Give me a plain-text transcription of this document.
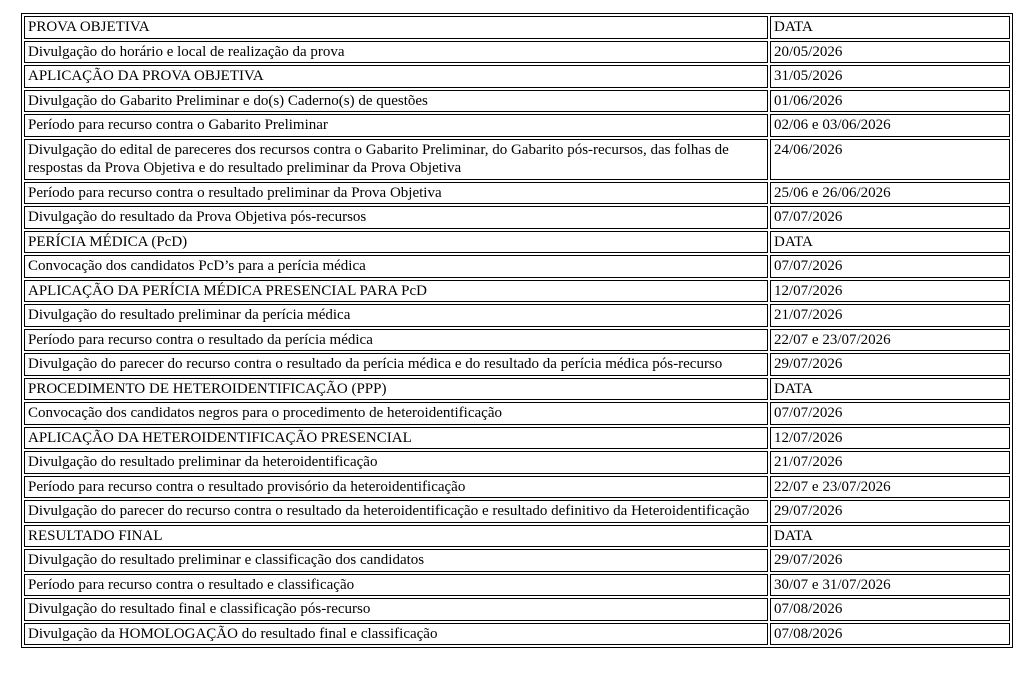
PROVA OBJETIVA	DATA
Divulgação do horário e local de realização da prova	20/05/2026
APLICAÇÃO DA PROVA OBJETIVA	31/05/2026
Divulgação do Gabarito Preliminar e do(s) Caderno(s) de questões	01/06/2026
Período para recurso contra o Gabarito Preliminar	02/06 e 03/06/2026
Divulgação do edital de pareceres dos recursos contra o Gabarito Preliminar, do Gabarito pós-recursos, das folhas de respostas da Prova Objetiva e do resultado preliminar da Prova Objetiva	24/06/2026
Período para recurso contra o resultado preliminar da Prova Objetiva	25/06 e 26/06/2026
Divulgação do resultado da Prova Objetiva pós-recursos	07/07/2026
PERÍCIA MÉDICA (PcD)	DATA
Convocação dos candidatos PcD’s para a perícia médica	07/07/2026
APLICAÇÃO DA PERÍCIA MÉDICA PRESENCIAL PARA PcD	12/07/2026
Divulgação do resultado preliminar da perícia médica	21/07/2026
Período para recurso contra o resultado da perícia médica	22/07 e 23/07/2026
Divulgação do parecer do recurso contra o resultado da perícia médica e do resultado da perícia médica pós-recurso	29/07/2026
PROCEDIMENTO DE HETEROIDENTIFICAÇÃO (PPP)	DATA
Convocação dos candidatos negros para o procedimento de heteroidentificação	07/07/2026
APLICAÇÃO DA HETEROIDENTIFICAÇÃO PRESENCIAL	12/07/2026
Divulgação do resultado preliminar da heteroidentificação	21/07/2026
Período para recurso contra o resultado provisório da heteroidentificação	22/07 e 23/07/2026
Divulgação do parecer do recurso contra o resultado da heteroidentificação e resultado definitivo da Heteroidentificação	29/07/2026
RESULTADO FINAL	DATA
Divulgação do resultado preliminar e classificação dos candidatos	29/07/2026
Período para recurso contra o resultado e classificação	30/07 e 31/07/2026
Divulgação do resultado final e classificação pós-recurso	07/08/2026
Divulgação da HOMOLOGAÇÃO do resultado final e classificação	07/08/2026
